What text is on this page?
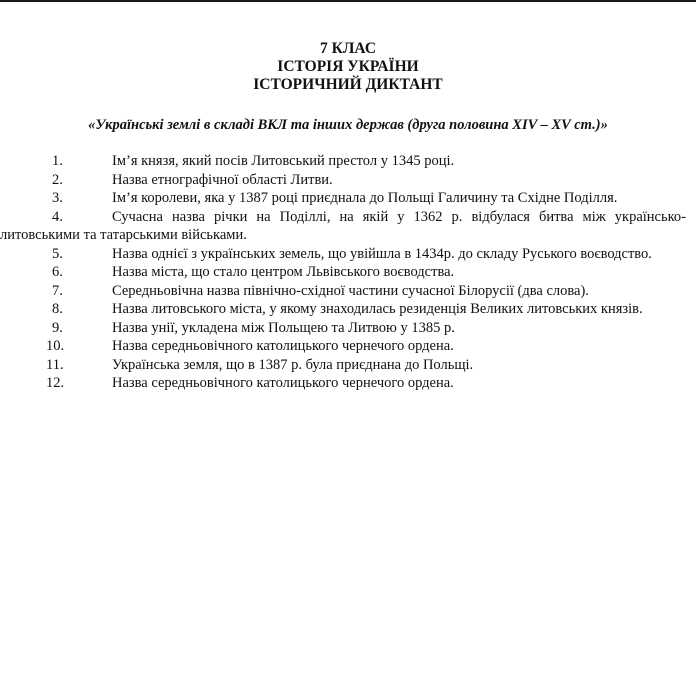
7 КЛАС
ІСТОРІЯ УКРАЇНИ
ІСТОРИЧНИЙ ДИКТАНТ
«Українські землі в складі ВКЛ та інших держав (друга половина XIV – XV ст.)»

1.	Ім’я князя, який посів Литовський престол у 1345 році.

2.	Назва етнографічної області Литви.

3.	Ім’я королеви, яка у 1387 році приєднала до Польщі Галичину та Східне Поділля.

4.	Сучасна назва річки на Поділлі, на якій у 1362 р. відбулася битва між українсько-литовськими та татарськими військами.

5.	Назва однієї з українських земель, що увійшла в 1434р. до складу Руського воєводство.

6.	Назва міста, що стало центром Львівського воєводства.

7.	Середньовічна назва північно-східної частини сучасної Білорусії (два слова).

8.	Назва литовського міста, у якому знаходилась резиденція Великих литовських князів.

9.	Назва унії, укладена між Польщею та Литвою у 1385 р.

10.	Назва середньовічного католицького чернечого ордена.

11.	Українська земля, що в 1387 р. була приєднана до Польщі.

12.	Назва середньовічного католицького чернечого ордена.
